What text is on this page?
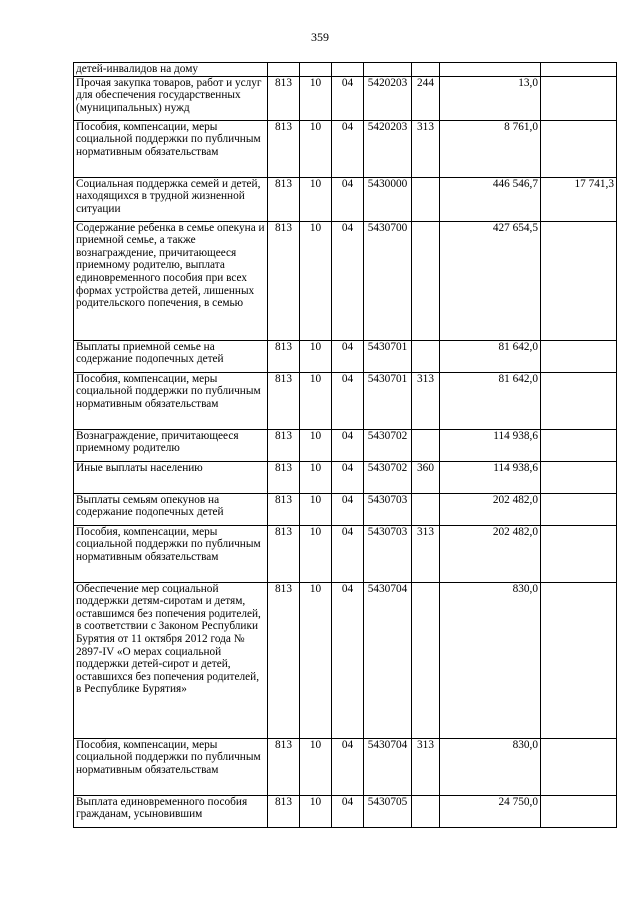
359
детей-инвалидов на дому							
Прочая закупка товаров, работ и услуг для обеспечения государственных (муниципальных) нужд	813	10	04	5420203	244	13,0	
Пособия, компенсации, меры социальной поддержки по публичным нормативным обязательствам	813	10	04	5420203	313	8 761,0	
Социальная поддержка семей и детей, находящихся в трудной жизненной ситуации	813	10	04	5430000		446 546,7	17 741,3
Содержание ребенка в семье опекуна и приемной семье, а также вознаграждение, причитающееся приемному родителю, выплата единовременного пособия при всех формах устройства детей, лишенных родительского попечения, в семью	813	10	04	5430700		427 654,5	
Выплаты приемной семье на содержание подопечных детей	813	10	04	5430701		81 642,0	
Пособия, компенсации, меры социальной поддержки по публичным нормативным обязательствам	813	10	04	5430701	313	81 642,0	
Вознаграждение, причитающееся приемному родителю	813	10	04	5430702		114 938,6	
Иные выплаты населению	813	10	04	5430702	360	114 938,6	
Выплаты семьям опекунов на содержание подопечных детей	813	10	04	5430703		202 482,0	
Пособия, компенсации, меры социальной поддержки по публичным нормативным обязательствам	813	10	04	5430703	313	202 482,0	
Обеспечение мер социальной поддержки детям-сиротам и детям, оставшимся без попечения родителей, в соответствии с Законом Республики Бурятия от 11 октября 2012 года № 2897-IV «О мерах социальной поддержки детей-сирот и детей, оставшихся без попечения родителей, в Республике Бурятия»	813	10	04	5430704		830,0	
Пособия, компенсации, меры социальной поддержки по публичным нормативным обязательствам	813	10	04	5430704	313	830,0	
Выплата единовременного пособия гражданам, усыновившим	813	10	04	5430705		24 750,0	
